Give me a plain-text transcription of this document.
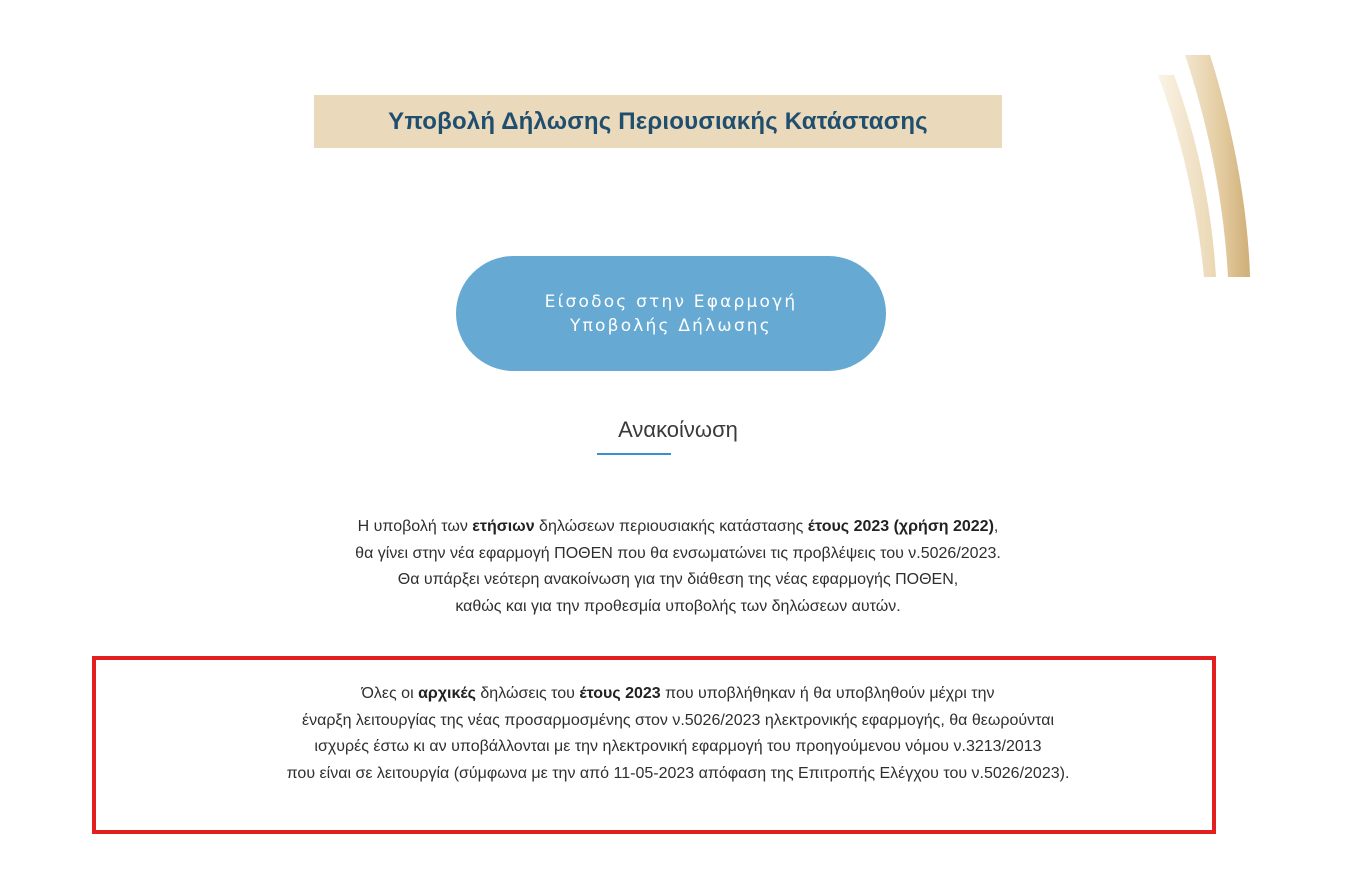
Υποβολή Δήλωσης Περιουσιακής Κατάστασης
Είσοδος στην Εφαρμογή
Υποβολής Δήλωσης
Ανακοίνωση
Η υποβολή των ετήσιων δηλώσεων περιουσιακής κατάστασης έτους 2023 (χρήση 2022),
θα γίνει στην νέα εφαρμογή ΠΟΘΕΝ που θα ενσωματώνει τις προβλέψεις του ν.5026/2023.
Θα υπάρξει νεότερη ανακοίνωση για την διάθεση της νέας εφαρμογής ΠΟΘΕΝ,
καθώς και για την προθεσμία υποβολής των δηλώσεων αυτών.
Όλες οι αρχικές δηλώσεις του έτους 2023 που υποβλήθηκαν ή θα υποβληθούν μέχρι την
έναρξη λειτουργίας της νέας προσαρμοσμένης στον ν.5026/2023 ηλεκτρονικής εφαρμογής, θα θεωρούνται
ισχυρές έστω κι αν υποβάλλονται με την ηλεκτρονική εφαρμογή του προηγούμενου νόμου ν.3213/2013
που είναι σε λειτουργία (σύμφωνα με την από 11-05-2023 απόφαση της Επιτροπής Ελέγχου του ν.5026/2023).
